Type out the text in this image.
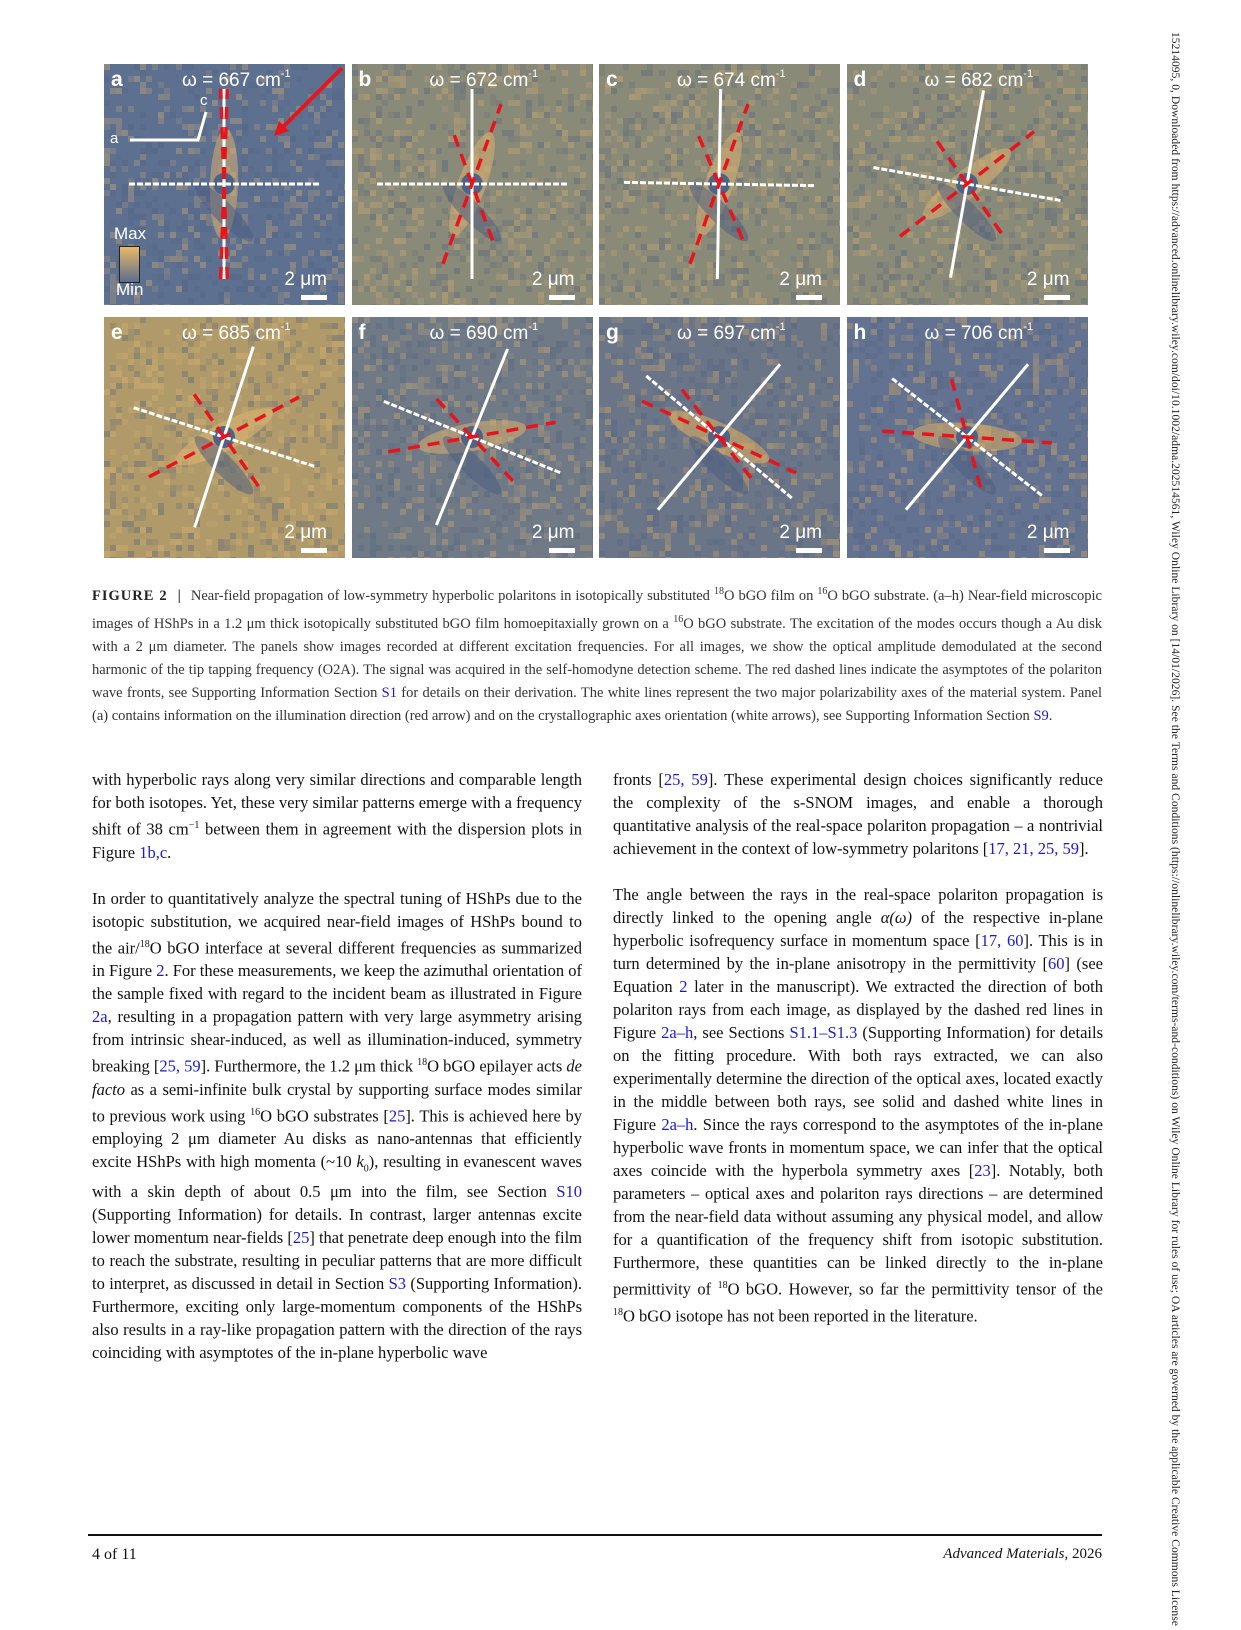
a	ω = 667 $cm^{-1}$
2 μm
Max
Min
a
c
b	ω = 672 $cm^{-1}$
2 μm
c	ω = 674 $cm^{-1}$
2 μm
d	ω = 682 $cm^{-1}$
2 μm
e	ω = 685 $cm^{-1}$
2 μm
f	ω = 690 $cm^{-1}$
2 μm
g	ω = 697 $cm^{-1}$
2 μm
h	ω = 706 $cm^{-1}$
2 μm
FIGURE 2 | Near-field propagation of low-symmetry hyperbolic polaritons in isotopically substituted $^{18}$O bGO film on $^{16}$O bGO substrate. (a–h) Near-field microscopic images of HShPs in a 1.2 μm thick isotopically substituted bGO film homoepitaxially grown on a $^{16}$O bGO substrate. The excitation of the modes occurs though a Au disk with a 2 μm diameter. The panels show images recorded at different excitation frequencies. For all images, we show the optical amplitude demodulated at the second harmonic of the tip tapping frequency (O2A). The signal was acquired in the self-homodyne detection scheme. The red dashed lines indicate the asymptotes of the polariton wave fronts, see Supporting Information Section S1 for details on their derivation. The white lines represent the two major polarizability axes of the material system. Panel (a) contains information on the illumination direction (red arrow) and on the crystallographic axes orientation (white arrows), see Supporting Information Section S9.

with hyperbolic rays along very similar directions and comparable length for both isotopes. Yet, these very similar patterns emerge with a frequency shift of 38 $cm^{-1}$ between them in agreement with the dispersion plots in Figure 1b,c.

In order to quantitatively analyze the spectral tuning of HShPs due to the isotopic substitution, we acquired near-field images of HShPs bound to the air/$^{18}$O bGO interface at several different frequencies as summarized in Figure 2. For these measurements, we keep the azimuthal orientation of the sample fixed with regard to the incident beam as illustrated in Figure 2a, resulting in a propagation pattern with very large asymmetry arising from intrinsic shear-induced, as well as illumination-induced, symmetry breaking [25, 59]. Furthermore, the 1.2 μm thick $^{18}$O bGO epilayer acts de facto as a semi-infinite bulk crystal by supporting surface modes similar to previous work using $^{16}$O bGO substrates [25]. This is achieved here by employing 2 μm diameter Au disks as nano-antennas that efficiently excite HShPs with high momenta (~10 $k_0$), resulting in evanescent waves with a skin depth of about 0.5 μm into the film, see Section S10 (Supporting Information) for details. In contrast, larger antennas excite lower momentum near-fields [25] that penetrate deep enough into the film to reach the substrate, resulting in peculiar patterns that are more difficult to interpret, as discussed in detail in Section S3 (Supporting Information). Furthermore, exciting only large-momentum components of the HShPs also results in a ray-like propagation pattern with the direction of the rays coinciding with asymptotes of the in-plane hyperbolic wave

fronts [25, 59]. These experimental design choices significantly reduce the complexity of the s-SNOM images, and enable a thorough quantitative analysis of the real-space polariton propagation – a nontrivial achievement in the context of low-symmetry polaritons [17, 21, 25, 59].

The angle between the rays in the real-space polariton propagation is directly linked to the opening angle α(ω) of the respective in-plane hyperbolic isofrequency surface in momentum space [17, 60]. This is in turn determined by the in-plane anisotropy in the permittivity [60] (see Equation 2 later in the manuscript). We extracted the direction of both polariton rays from each image, as displayed by the dashed red lines in Figure 2a–h, see Sections S1.1–S1.3 (Supporting Information) for details on the fitting procedure. With both rays extracted, we can also experimentally determine the direction of the optical axes, located exactly in the middle between both rays, see solid and dashed white lines in Figure 2a–h. Since the rays correspond to the asymptotes of the in-plane hyperbolic wave fronts in momentum space, we can infer that the optical axes coincide with the hyperbola symmetry axes [23]. Notably, both parameters – optical axes and polariton rays directions – are determined from the near-field data without assuming any physical model, and allow for a quantification of the frequency shift from isotopic substitution. Furthermore, these quantities can be linked directly to the in-plane permittivity of $^{18}$O bGO. However, so far the permittivity tensor of the $^{18}$O bGO isotope has not been reported in the literature.

4 of 11	Advanced Materials, 2026	15214095, 0, Downloaded from https://advanced.onlinelibrary.wiley.com/doi/10.1002/adma.202514561, Wiley Online Library on [14/01/2026]. See the Terms and Conditions (https://onlinelibrary.wiley.com/terms-and-conditions) on Wiley Online Library for rules of use; OA articles are governed by the applicable Creative Commons License
